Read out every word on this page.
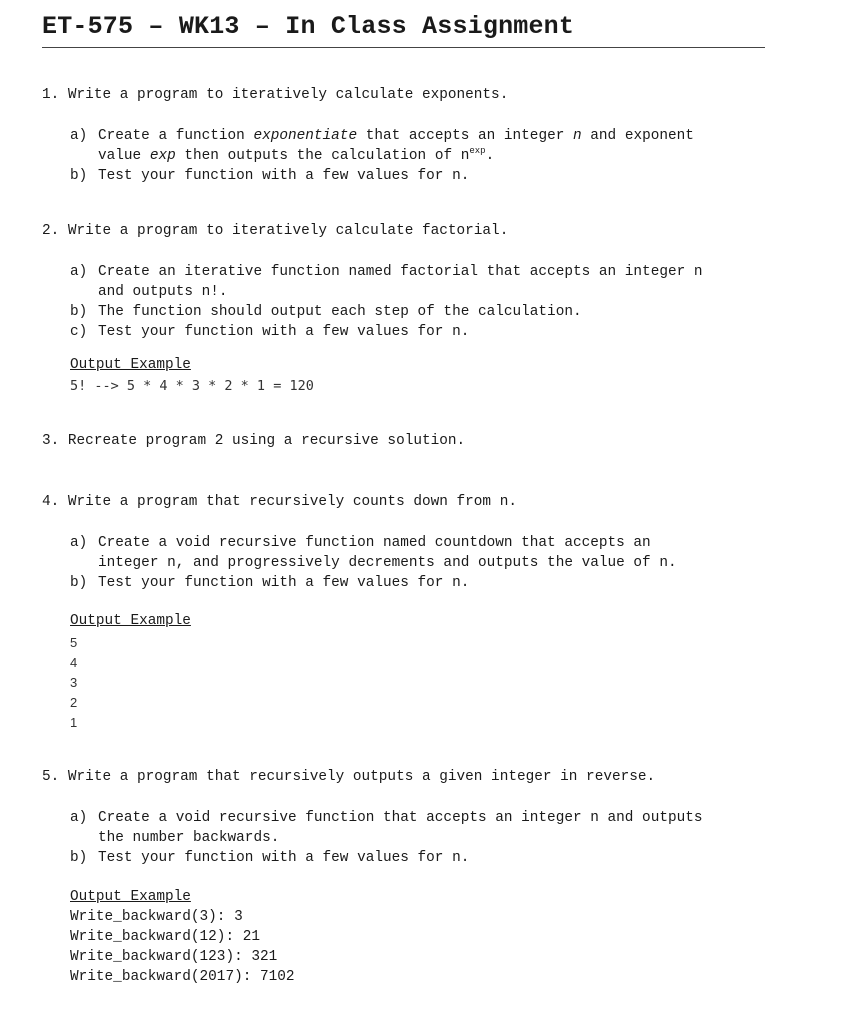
ET-575 – WK13 – In Class Assignment
1. Write a program to iteratively calculate exponents.
a) Create a function exponentiate that accepts an integer n and exponent
value exp then outputs the calculation of $n^{exp}$.
b) Test your function with a few values for n.
2. Write a program to iteratively calculate factorial.
a) Create an iterative function named factorial that accepts an integer n
and outputs n!.
b) The function should output each step of the calculation.
c) Test your function with a few values for n.
Output Example
5! --> 5 * 4 * 3 * 2 * 1 = 120
3. Recreate program 2 using a recursive solution.
4. Write a program that recursively counts down from n.
a) Create a void recursive function named countdown that accepts an
integer n, and progressively decrements and outputs the value of n.
b) Test your function with a few values for n.
Output Example
5
4
3
2
1
5. Write a program that recursively outputs a given integer in reverse.
a) Create a void recursive function that accepts an integer n and outputs
the number backwards.
b) Test your function with a few values for n.
Output Example
Write_backward(3): 3
Write_backward(12): 21
Write_backward(123): 321
Write_backward(2017): 7102
